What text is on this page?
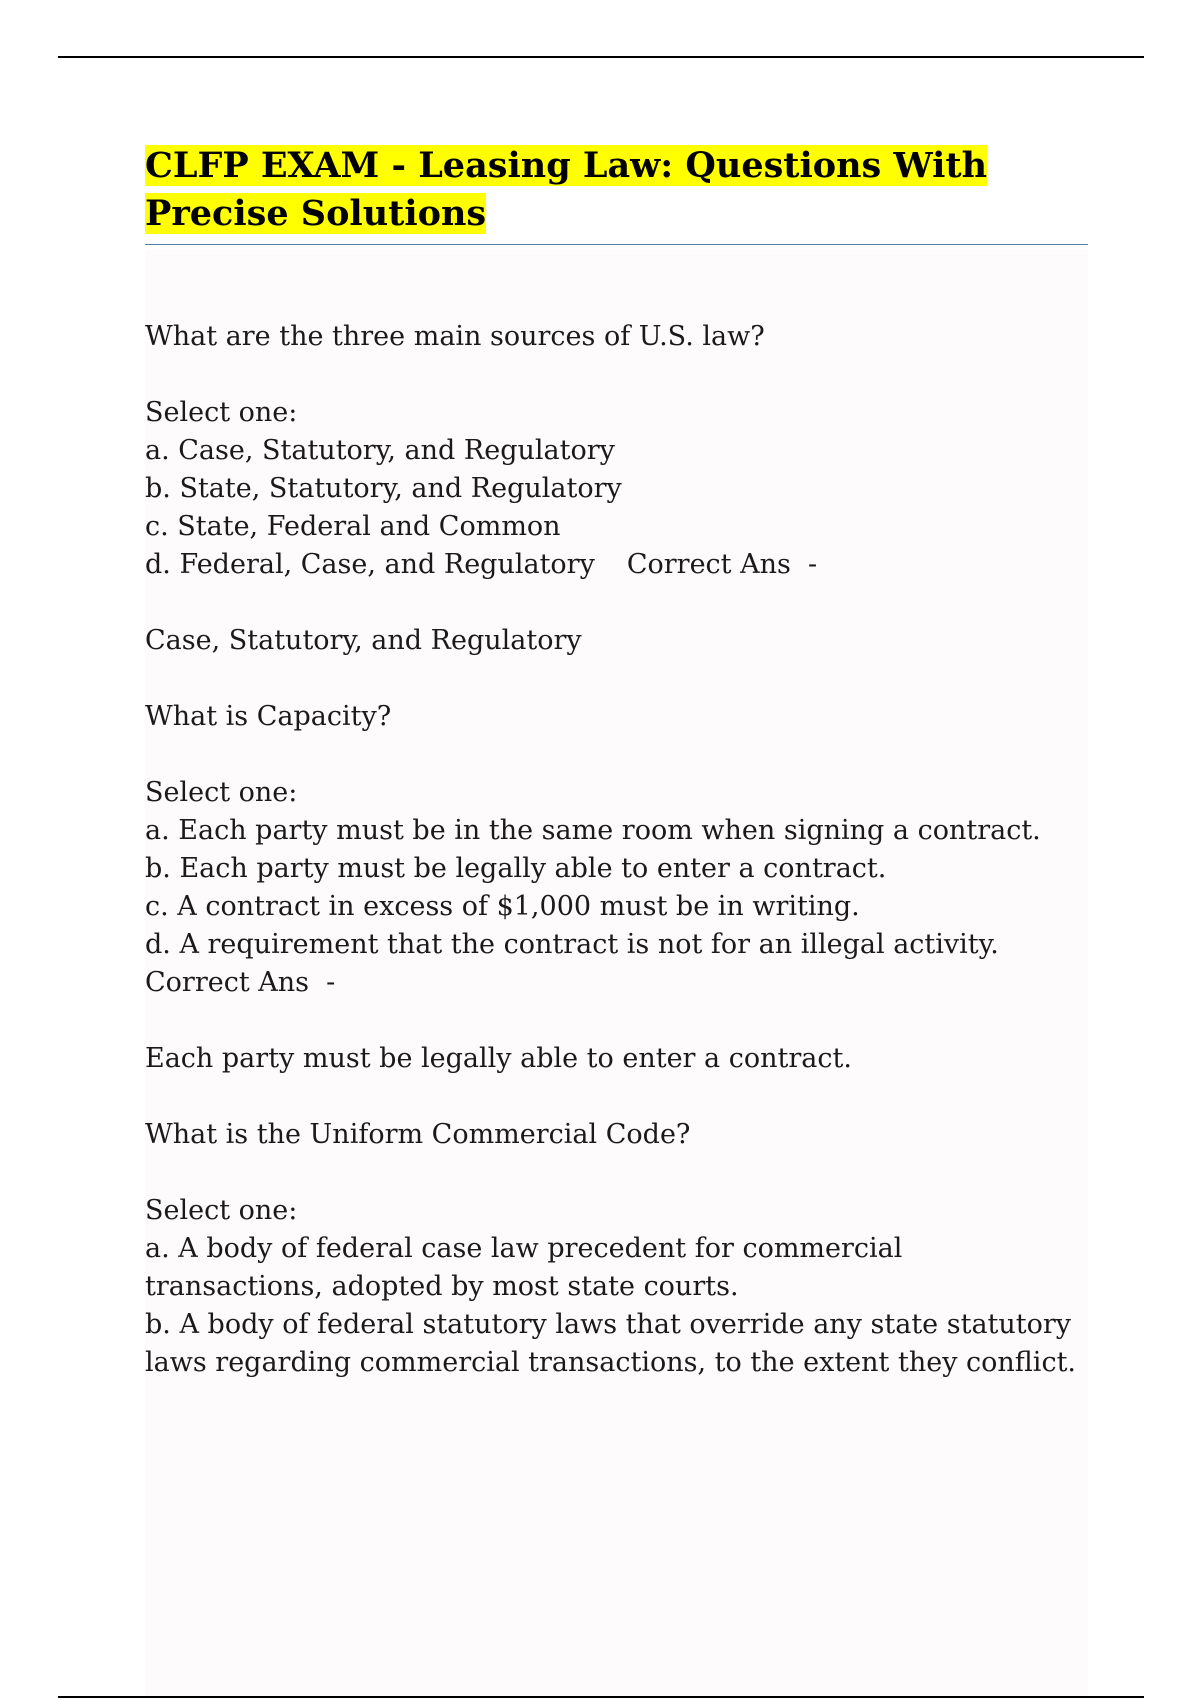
CLFP EXAM - Leasing Law: Questions With Precise Solutions
What are the three main sources of U.S. law?
Select one:
a. Case, Statutory, and Regulatory
b. State, Statutory, and Regulatory
c. State, Federal and Common
d. Federal, Case, and Regulatory Correct Ans  -
Case, Statutory, and Regulatory
What is Capacity?
Select one:
a. Each party must be in the same room when signing a contract.
b. Each party must be legally able to enter a contract.
c. A contract in excess of $1,000 must be in writing.
d. A requirement that the contract is not for an illegal activity.
Correct Ans  -
Each party must be legally able to enter a contract.
What is the Uniform Commercial Code?
Select one:
a. A body of federal case law precedent for commercial transactions, adopted by most state courts.
b. A body of federal statutory laws that override any state statutory laws regarding commercial transactions, to the extent they conflict.
